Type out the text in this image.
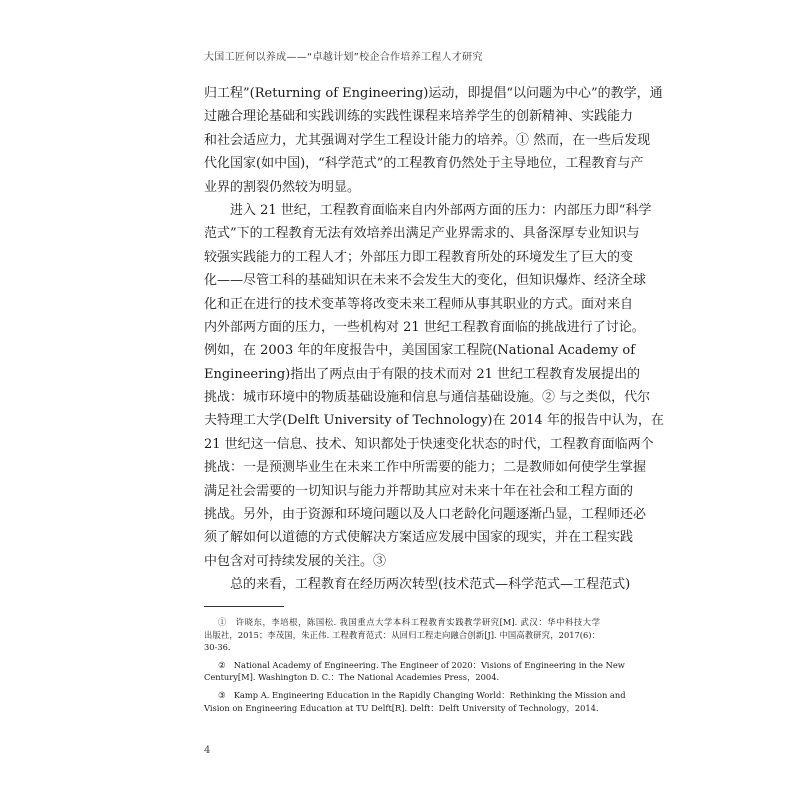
大国工匠何以养成——“卓越计划”校企合作培养工程人才研究
归工程”(Returning of Engineering)运动，即提倡“以问题为中心”的教学，通
过融合理论基础和实践训练的实践性课程来培养学生的创新精神、实践能力
和社会适应力，尤其强调对学生工程设计能力的培养。① 然而，在一些后发现
代化国家(如中国)，“科学范式”的工程教育仍然处于主导地位，工程教育与产
业界的割裂仍然较为明显。
进入 21 世纪，工程教育面临来自内外部两方面的压力：内部压力即“科学
范式”下的工程教育无法有效培养出满足产业界需求的、具备深厚专业知识与
较强实践能力的工程人才；外部压力即工程教育所处的环境发生了巨大的变
化——尽管工科的基础知识在未来不会发生大的变化，但知识爆炸、经济全球
化和正在进行的技术变革等将改变未来工程师从事其职业的方式。面对来自
内外部两方面的压力，一些机构对 21 世纪工程教育面临的挑战进行了讨论。
例如，在 2003 年的年度报告中，美国国家工程院(National Academy of
Engineering)指出了两点由于有限的技术而对 21 世纪工程教育发展提出的
挑战：城市环境中的物质基础设施和信息与通信基础设施。② 与之类似，代尔
夫特理工大学(Delft University of Technology)在 2014 年的报告中认为，在
21 世纪这一信息、技术、知识都处于快速变化状态的时代，工程教育面临两个
挑战：一是预测毕业生在未来工作中所需要的能力；二是教师如何使学生掌握
满足社会需要的一切知识与能力并帮助其应对未来十年在社会和工程方面的
挑战。另外，由于资源和环境问题以及人口老龄化问题逐渐凸显，工程师还必
须了解如何以道德的方式使解决方案适应发展中国家的现实，并在工程实践
中包含对可持续发展的关注。③
总的来看，工程教育在经历两次转型(技术范式—科学范式—工程范式)
①　许晓东，李培根，陈国松. 我国重点大学本科工程教育实践教学研究[M]. 武汉：华中科技大学
出版社，2015；李茂国，朱正伟. 工程教育范式：从回归工程走向融合创新[J]. 中国高教研究，2017(6)：
30-36.
②　National Academy of Engineering. The Engineer of 2020：Visions of Engineering in the New
Century[M]. Washington D. C.：The National Academies Press，2004.
③　Kamp A. Engineering Education in the Rapidly Changing World：Rethinking the Mission and
Vision on Engineering Education at TU Delft[R]. Delft：Delft University of Technology，2014.
4
